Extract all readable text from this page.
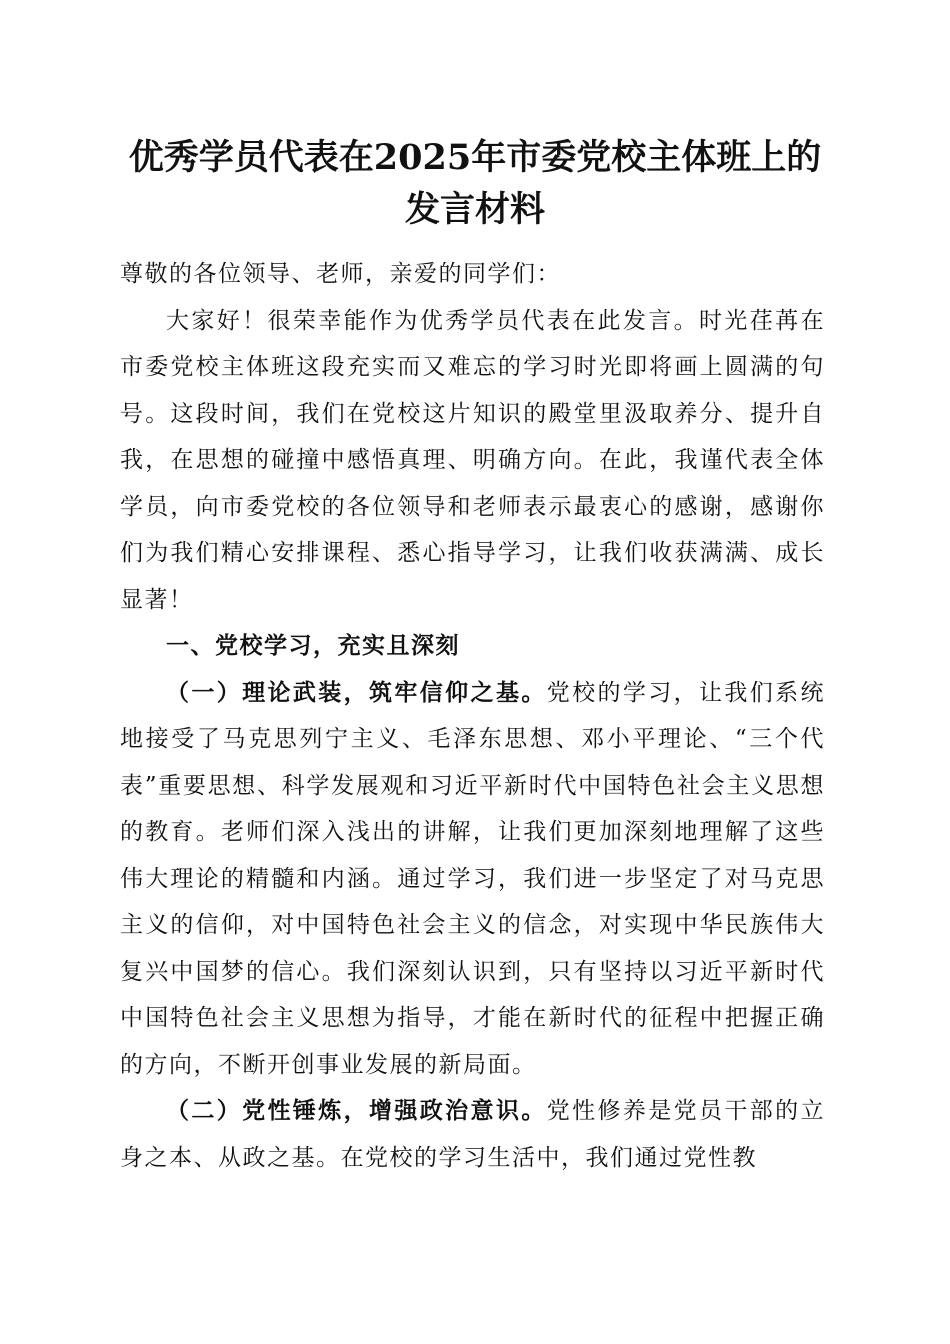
优秀学员代表在2025年市委党校主体班上的
发言材料

尊敬的各位领导、老师，亲爱的同学们：

大家好！很荣幸能作为优秀学员代表在此发言。时光荏苒在市委党校主体班这段充实而又难忘的学习时光即将画上圆满的句号。这段时间，我们在党校这片知识的殿堂里汲取养分、提升自我，在思想的碰撞中感悟真理、明确方向。在此，我谨代表全体学员，向市委党校的各位领导和老师表示最衷心的感谢，感谢你们为我们精心安排课程、悉心指导学习，让我们收获满满、成长显著！

一、党校学习，充实且深刻

（一）理论武装，筑牢信仰之基。党校的学习，让我们系统地接受了马克思列宁主义、毛泽东思想、邓小平理论、“三个代表”重要思想、科学发展观和习近平新时代中国特色社会主义思想的教育。老师们深入浅出的讲解，让我们更加深刻地理解了这些伟大理论的精髓和内涵。通过学习，我们进一步坚定了对马克思主义的信仰，对中国特色社会主义的信念，对实现中华民族伟大复兴中国梦的信心。我们深刻认识到，只有坚持以习近平新时代中国特色社会主义思想为指导，才能在新时代的征程中把握正确的方向，不断开创事业发展的新局面。

（二）党性锤炼，增强政治意识。党性修养是党员干部的立身之本、从政之基。在党校的学习生活中，我们通过党性教
